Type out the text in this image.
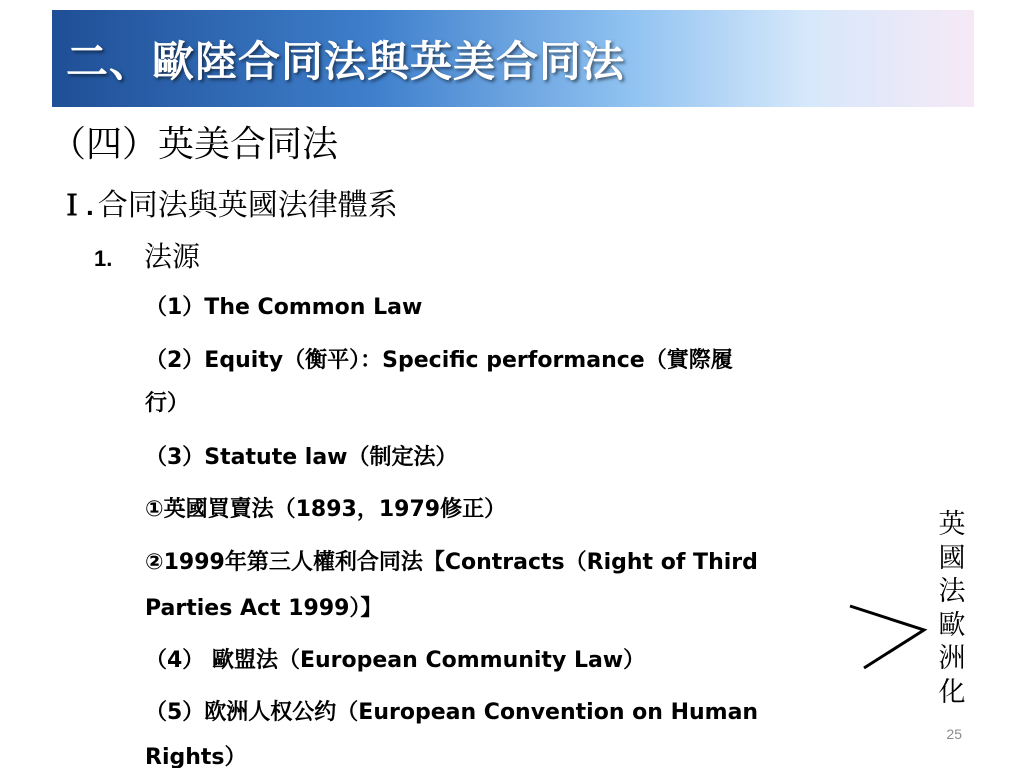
二、歐陸合同法與英美合同法
（四）英美合同法
Ｉ. 合同法與英國法律體系
1. 法源
（1）The Common Law
（2）Equity（衡平）：Specific performance（實際履
行）
（3）Statute law（制定法）
①英國買賣法（1893，1979修正）
②1999年第三人權利合同法【Contracts（Right of Third
Parties Act 1999）】
（4） 歐盟法（European Community Law）
（5）欧洲人权公约（European Convention on Human
Rights）
英
國
法
歐
洲
化
25
